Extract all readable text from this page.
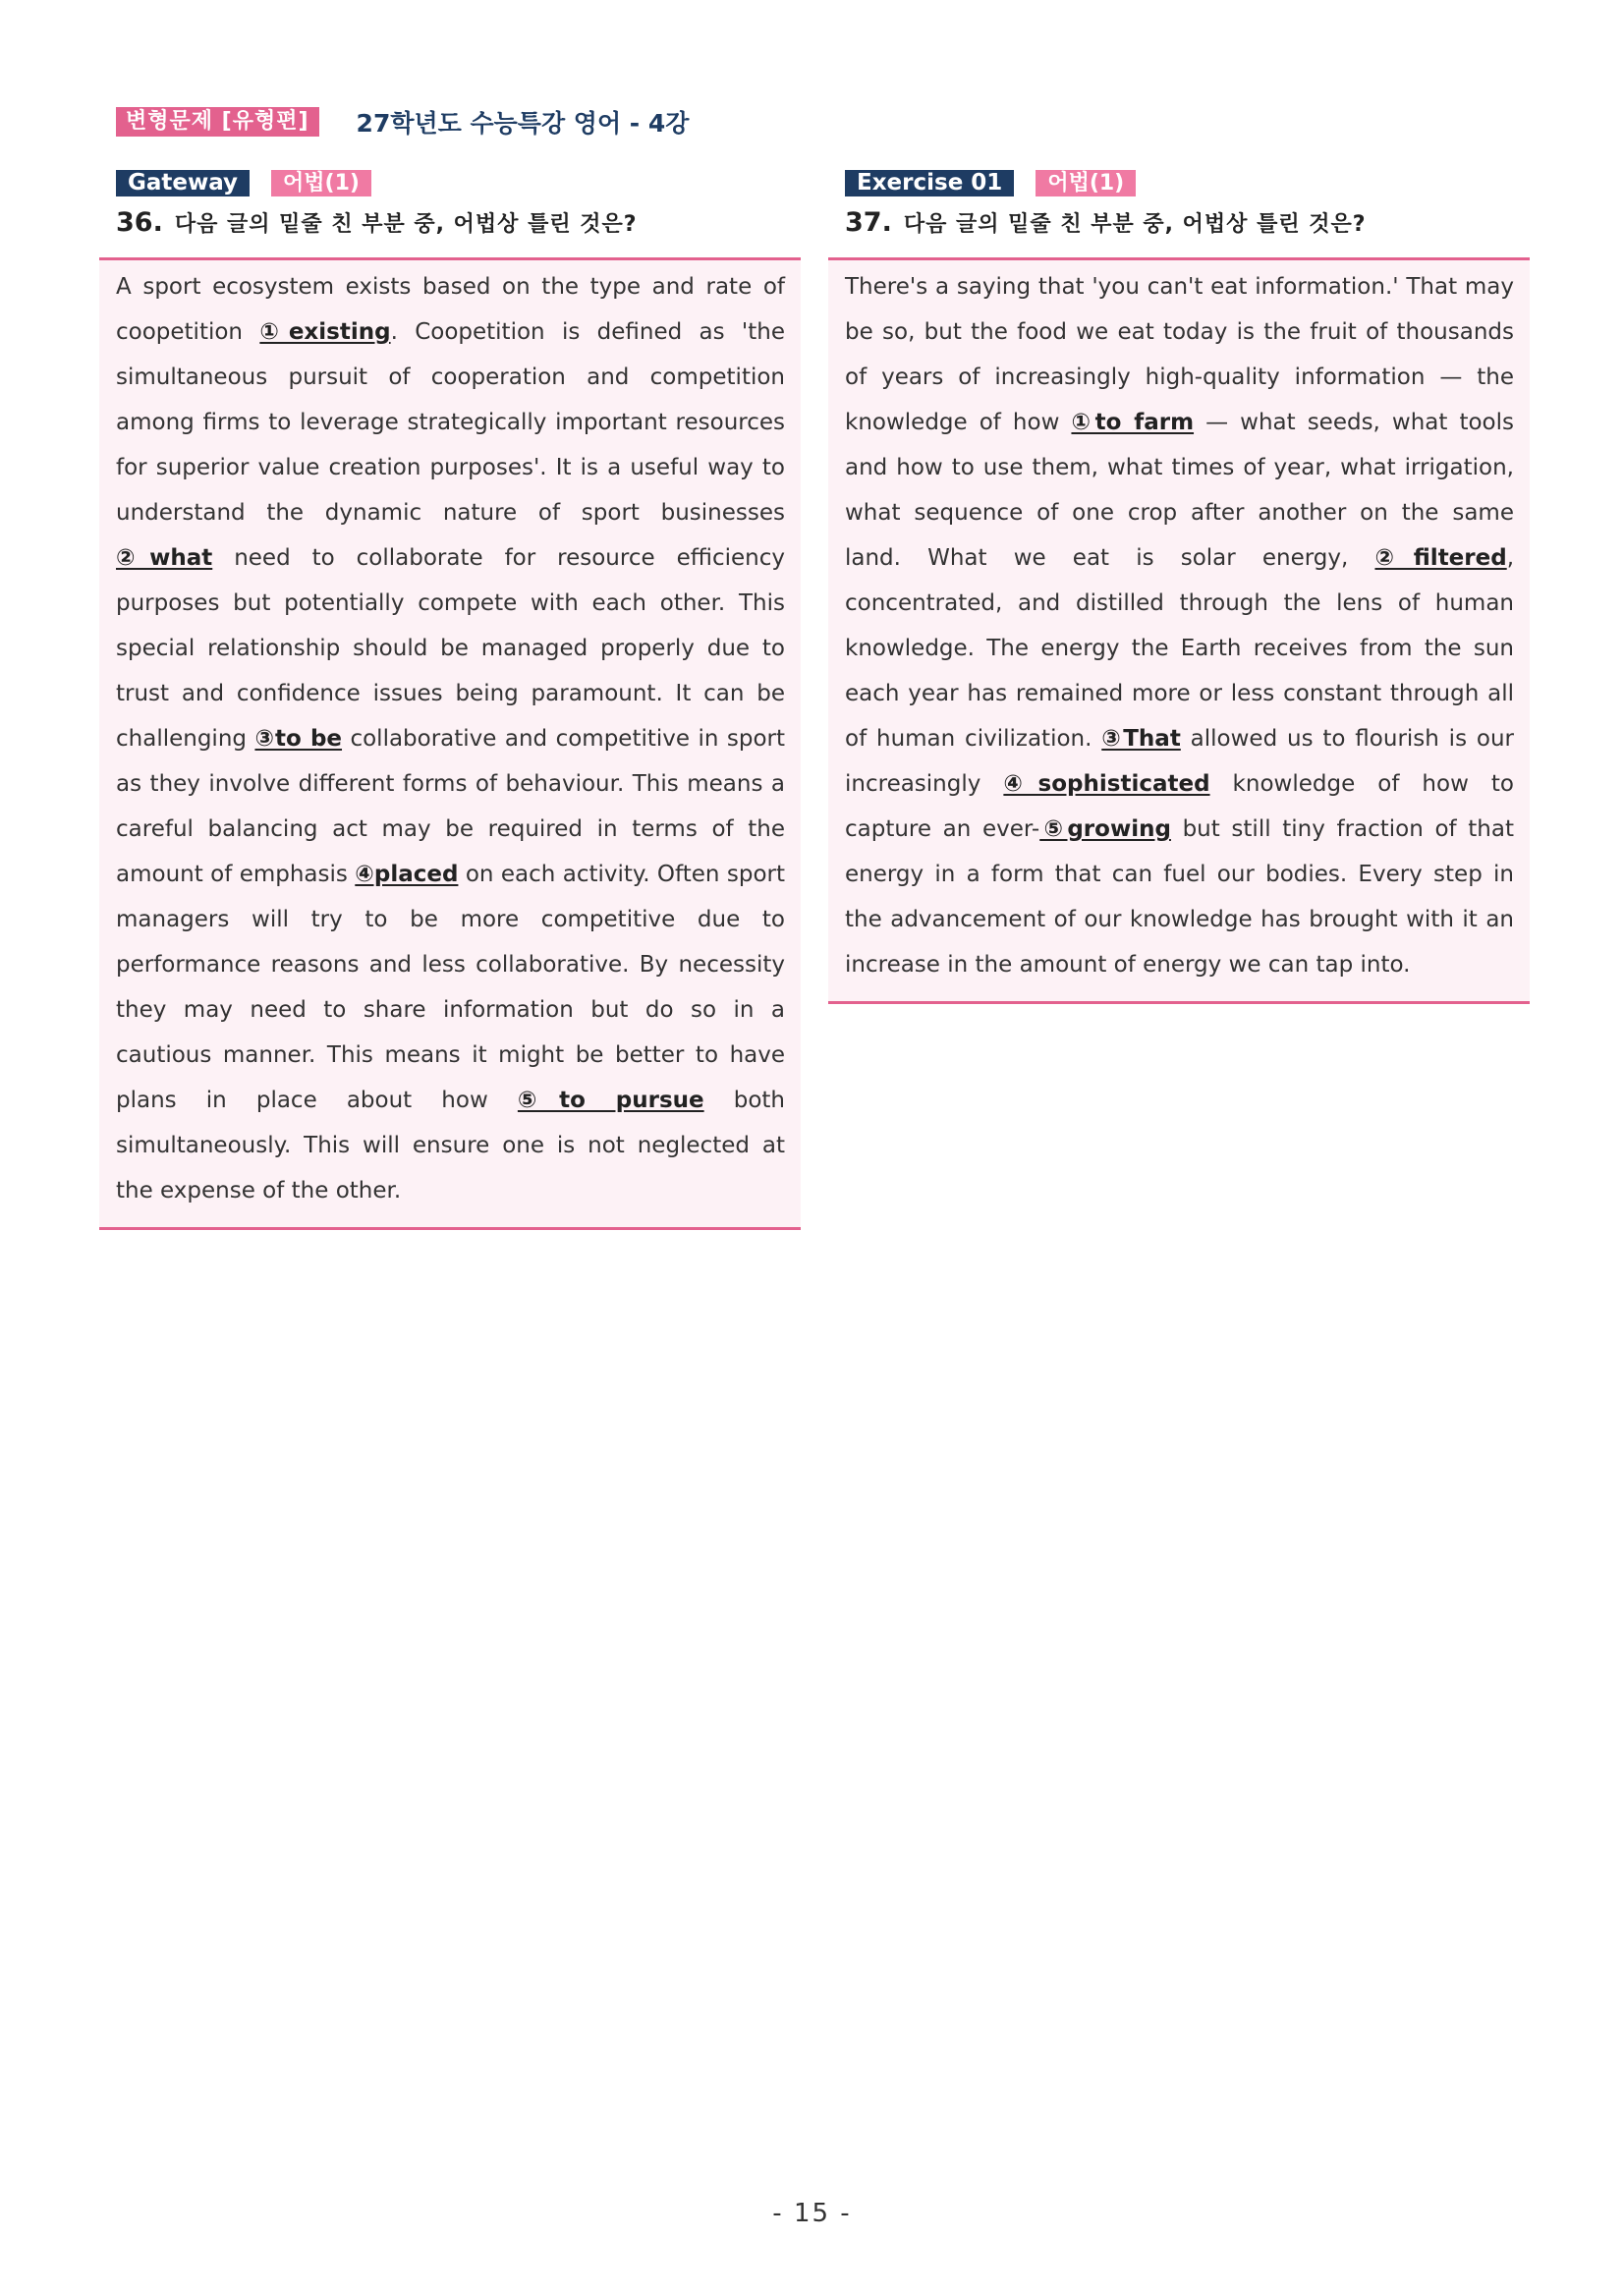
변형문제 [유형편]	27학년도 수능특강 영어 - 4강
Gateway	어법(1)
36. 다음 글의 밑줄 친 부분 중, 어법상 틀린 것은?

A sport ecosystem exists based on the type and rate of coopetition ①existing. Coopetition is defined as 'the simultaneous pursuit of cooperation and competition among firms to leverage strategically important resources for superior value creation purposes'. It is a useful way to understand the dynamic nature of sport businesses ②what need to collaborate for resource efficiency purposes but potentially compete with each other. This special relationship should be managed properly due to trust and confidence issues being paramount. It can be challenging ③to be collaborative and competitive in sport as they involve different forms of behaviour. This means a careful balancing act may be required in terms of the amount of emphasis ④placed on each activity. Often sport managers will try to be more competitive due to performance reasons and less collaborative. By necessity they may need to share information but do so in a cautious manner. This means it might be better to have plans in place about how ⑤to pursue both simultaneously. This will ensure one is not neglected at the expense of the other.

Exercise 01	어법(1)
37. 다음 글의 밑줄 친 부분 중, 어법상 틀린 것은?

There's a saying that 'you can't eat information.' That may be so, but the food we eat today is the fruit of thousands of years of increasingly high-quality information — the knowledge of how ①to farm — what seeds, what tools and how to use them, what times of year, what irrigation, what sequence of one crop after another on the same land. What we eat is solar energy, ②filtered, concentrated, and distilled through the lens of human knowledge. The energy the Earth receives from the sun each year has remained more or less constant through all of human civilization. ③That allowed us to flourish is our increasingly ④sophisticated knowledge of how to capture an ever-⑤growing but still tiny fraction of that energy in a form that can fuel our bodies. Every step in the advancement of our knowledge has brought with it an increase in the amount of energy we can tap into.

- 15 -
